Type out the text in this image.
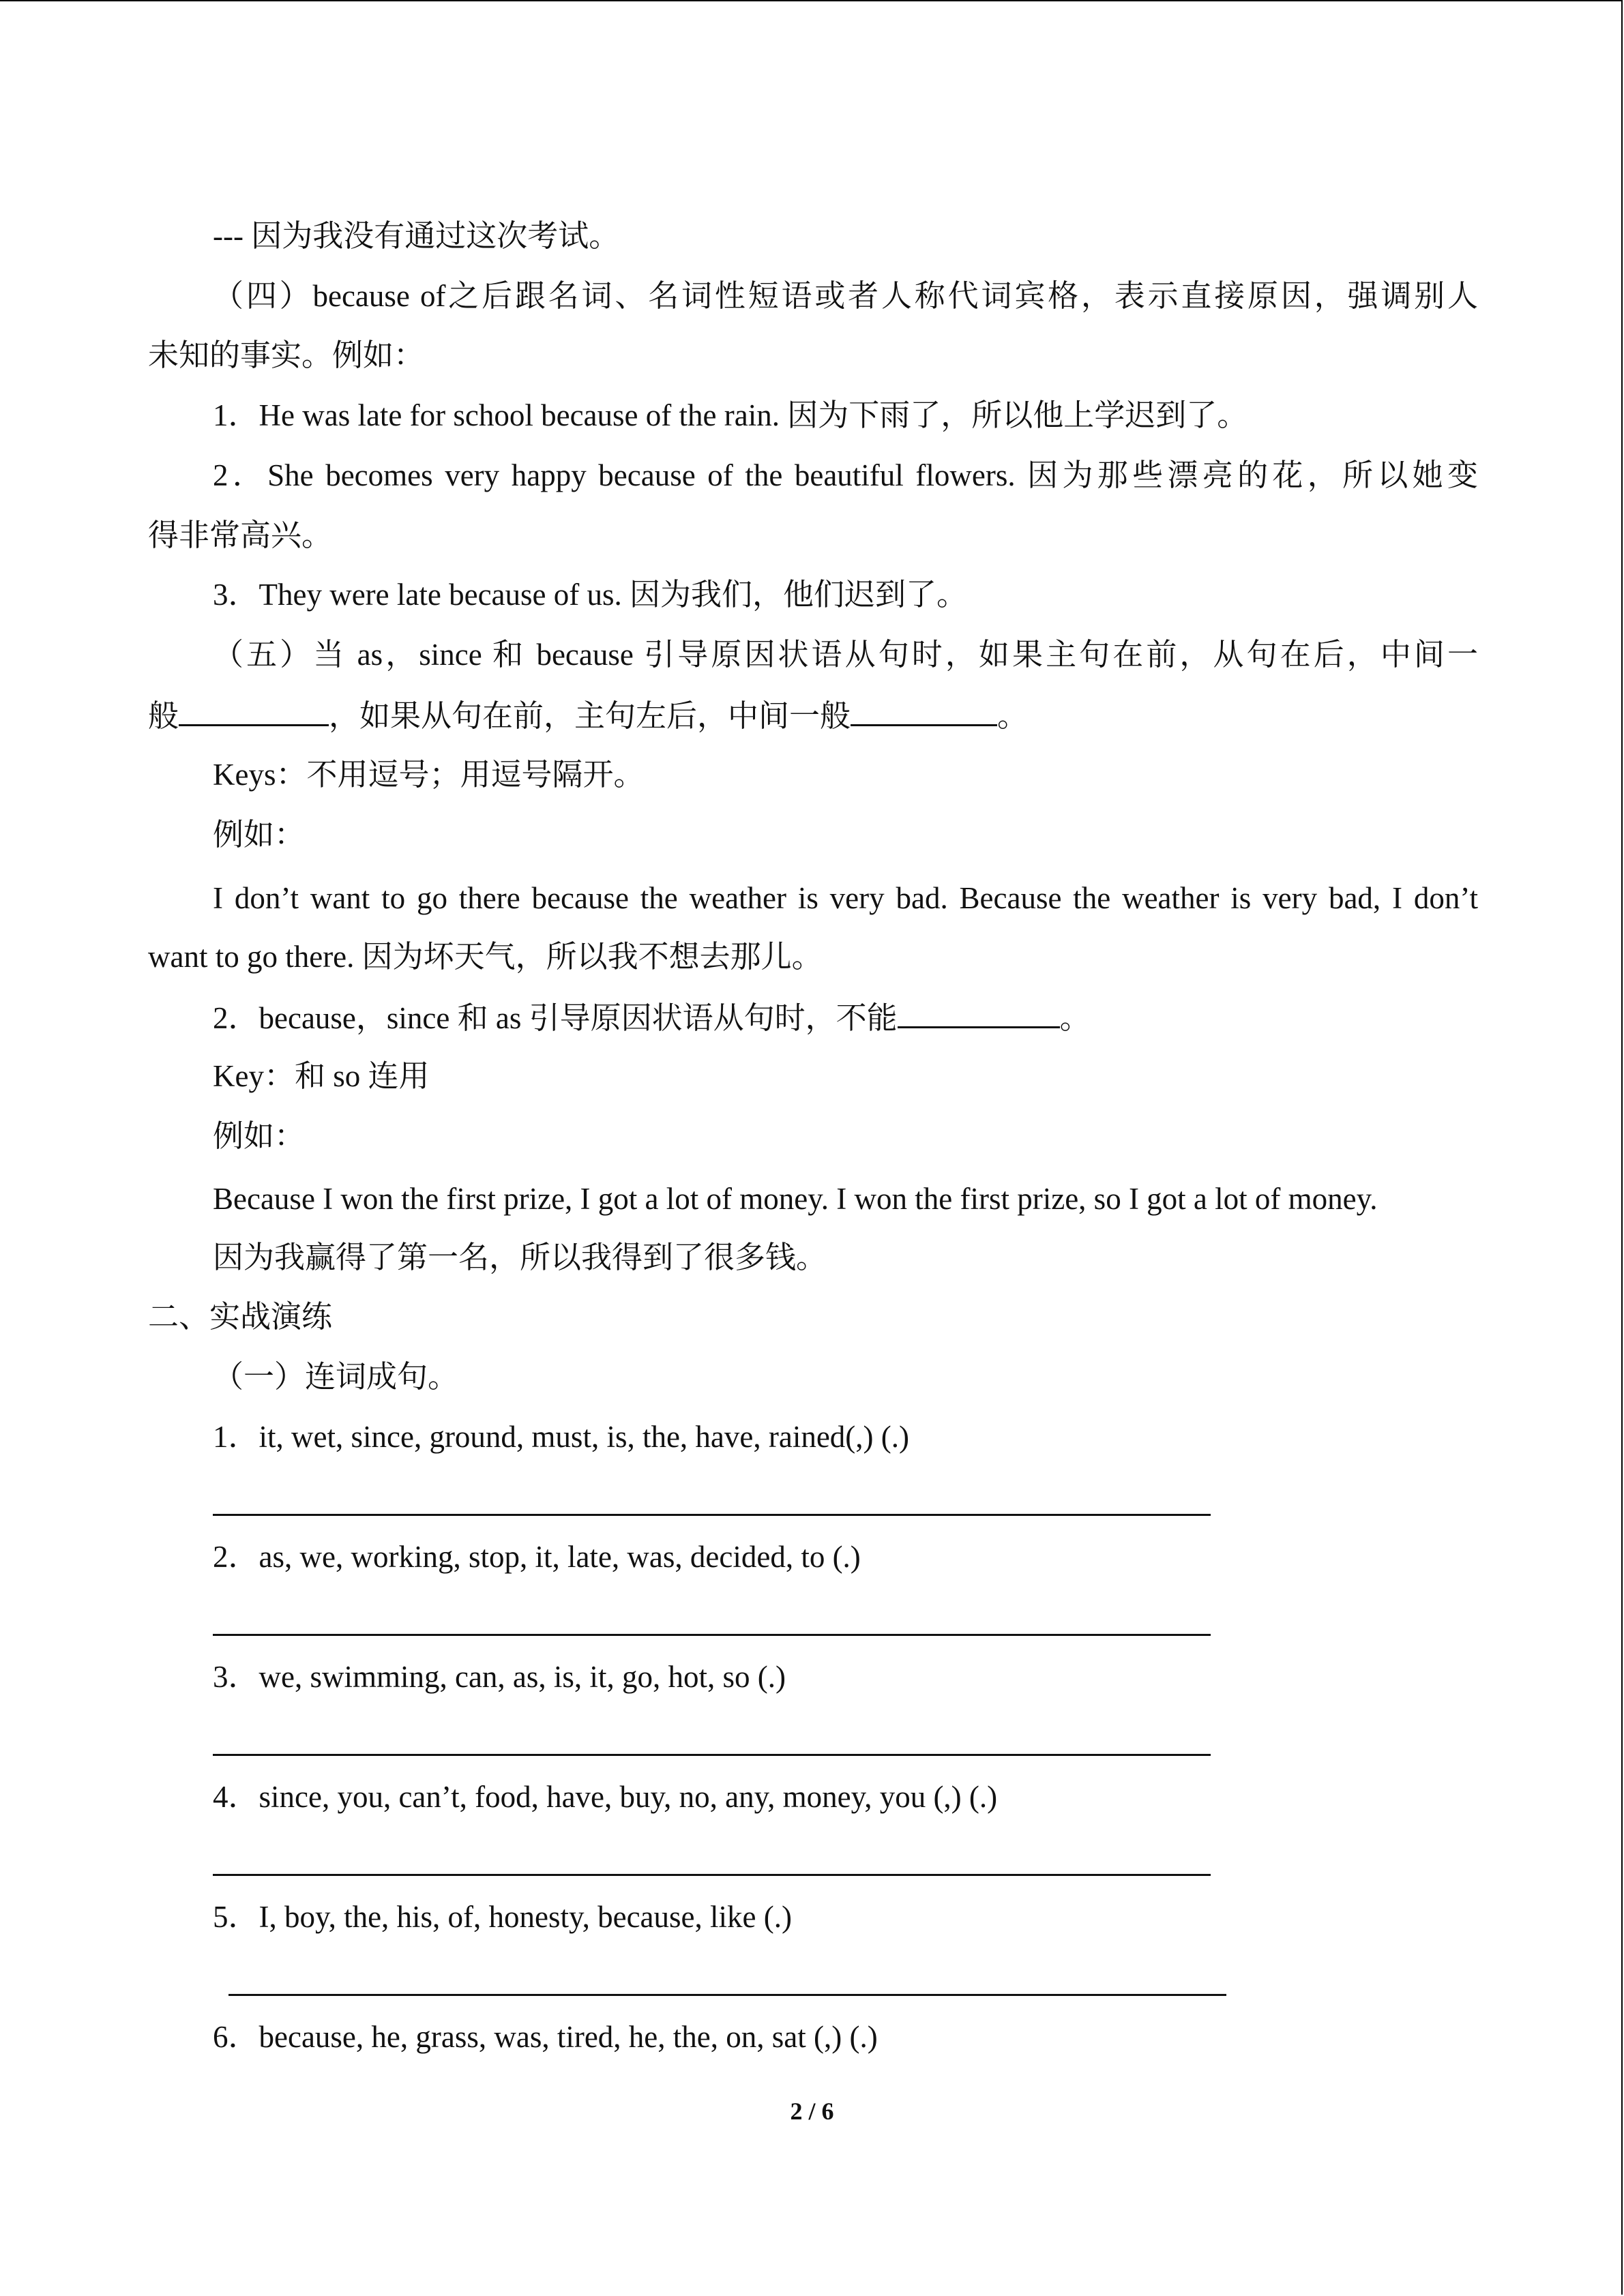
--- 因为我没有通过这次考试。
（四）because of之后跟名词、名词性短语或者人称代词宾格，表示直接原因，强调别人
未知的事实。例如：
1．He was late for school because of the rain. 因为下雨了，所以他上学迟到了。
2．She becomes very happy because of the beautiful flowers. 因为那些漂亮的花，所以她变
得非常高兴。
3．They were late because of us. 因为我们，他们迟到了。
（五）当 as，since 和 because 引导原因状语从句时，如果主句在前，从句在后，中间一
般	，如果从句在前，主句左后，中间一般	。
Keys：不用逗号；用逗号隔开。
例如：
I don’t want to go there because the weather is very bad. Because the weather is very bad, I don’t
want to go there. 因为坏天气，所以我不想去那儿。
2．because，since 和 as 引导原因状语从句时，不能	。
Key：和 so 连用
例如：
Because I won the first prize, I got a lot of money. I won the first prize, so I got a lot of money.
因为我赢得了第一名，所以我得到了很多钱。
二、实战演练
（一）连词成句。
1．it, wet, since, ground, must, is, the, have, rained(,) (.)
2．as, we, working, stop, it, late, was, decided, to (.)
3．we, swimming, can, as, is, it, go, hot, so (.)
4．since, you, can’t, food, have, buy, no, any, money, you (,) (.)
5．I, boy, the, his, of, honesty, because, like (.)
6．because, he, grass, was, tired, he, the, on, sat (,) (.)
2 / 6
